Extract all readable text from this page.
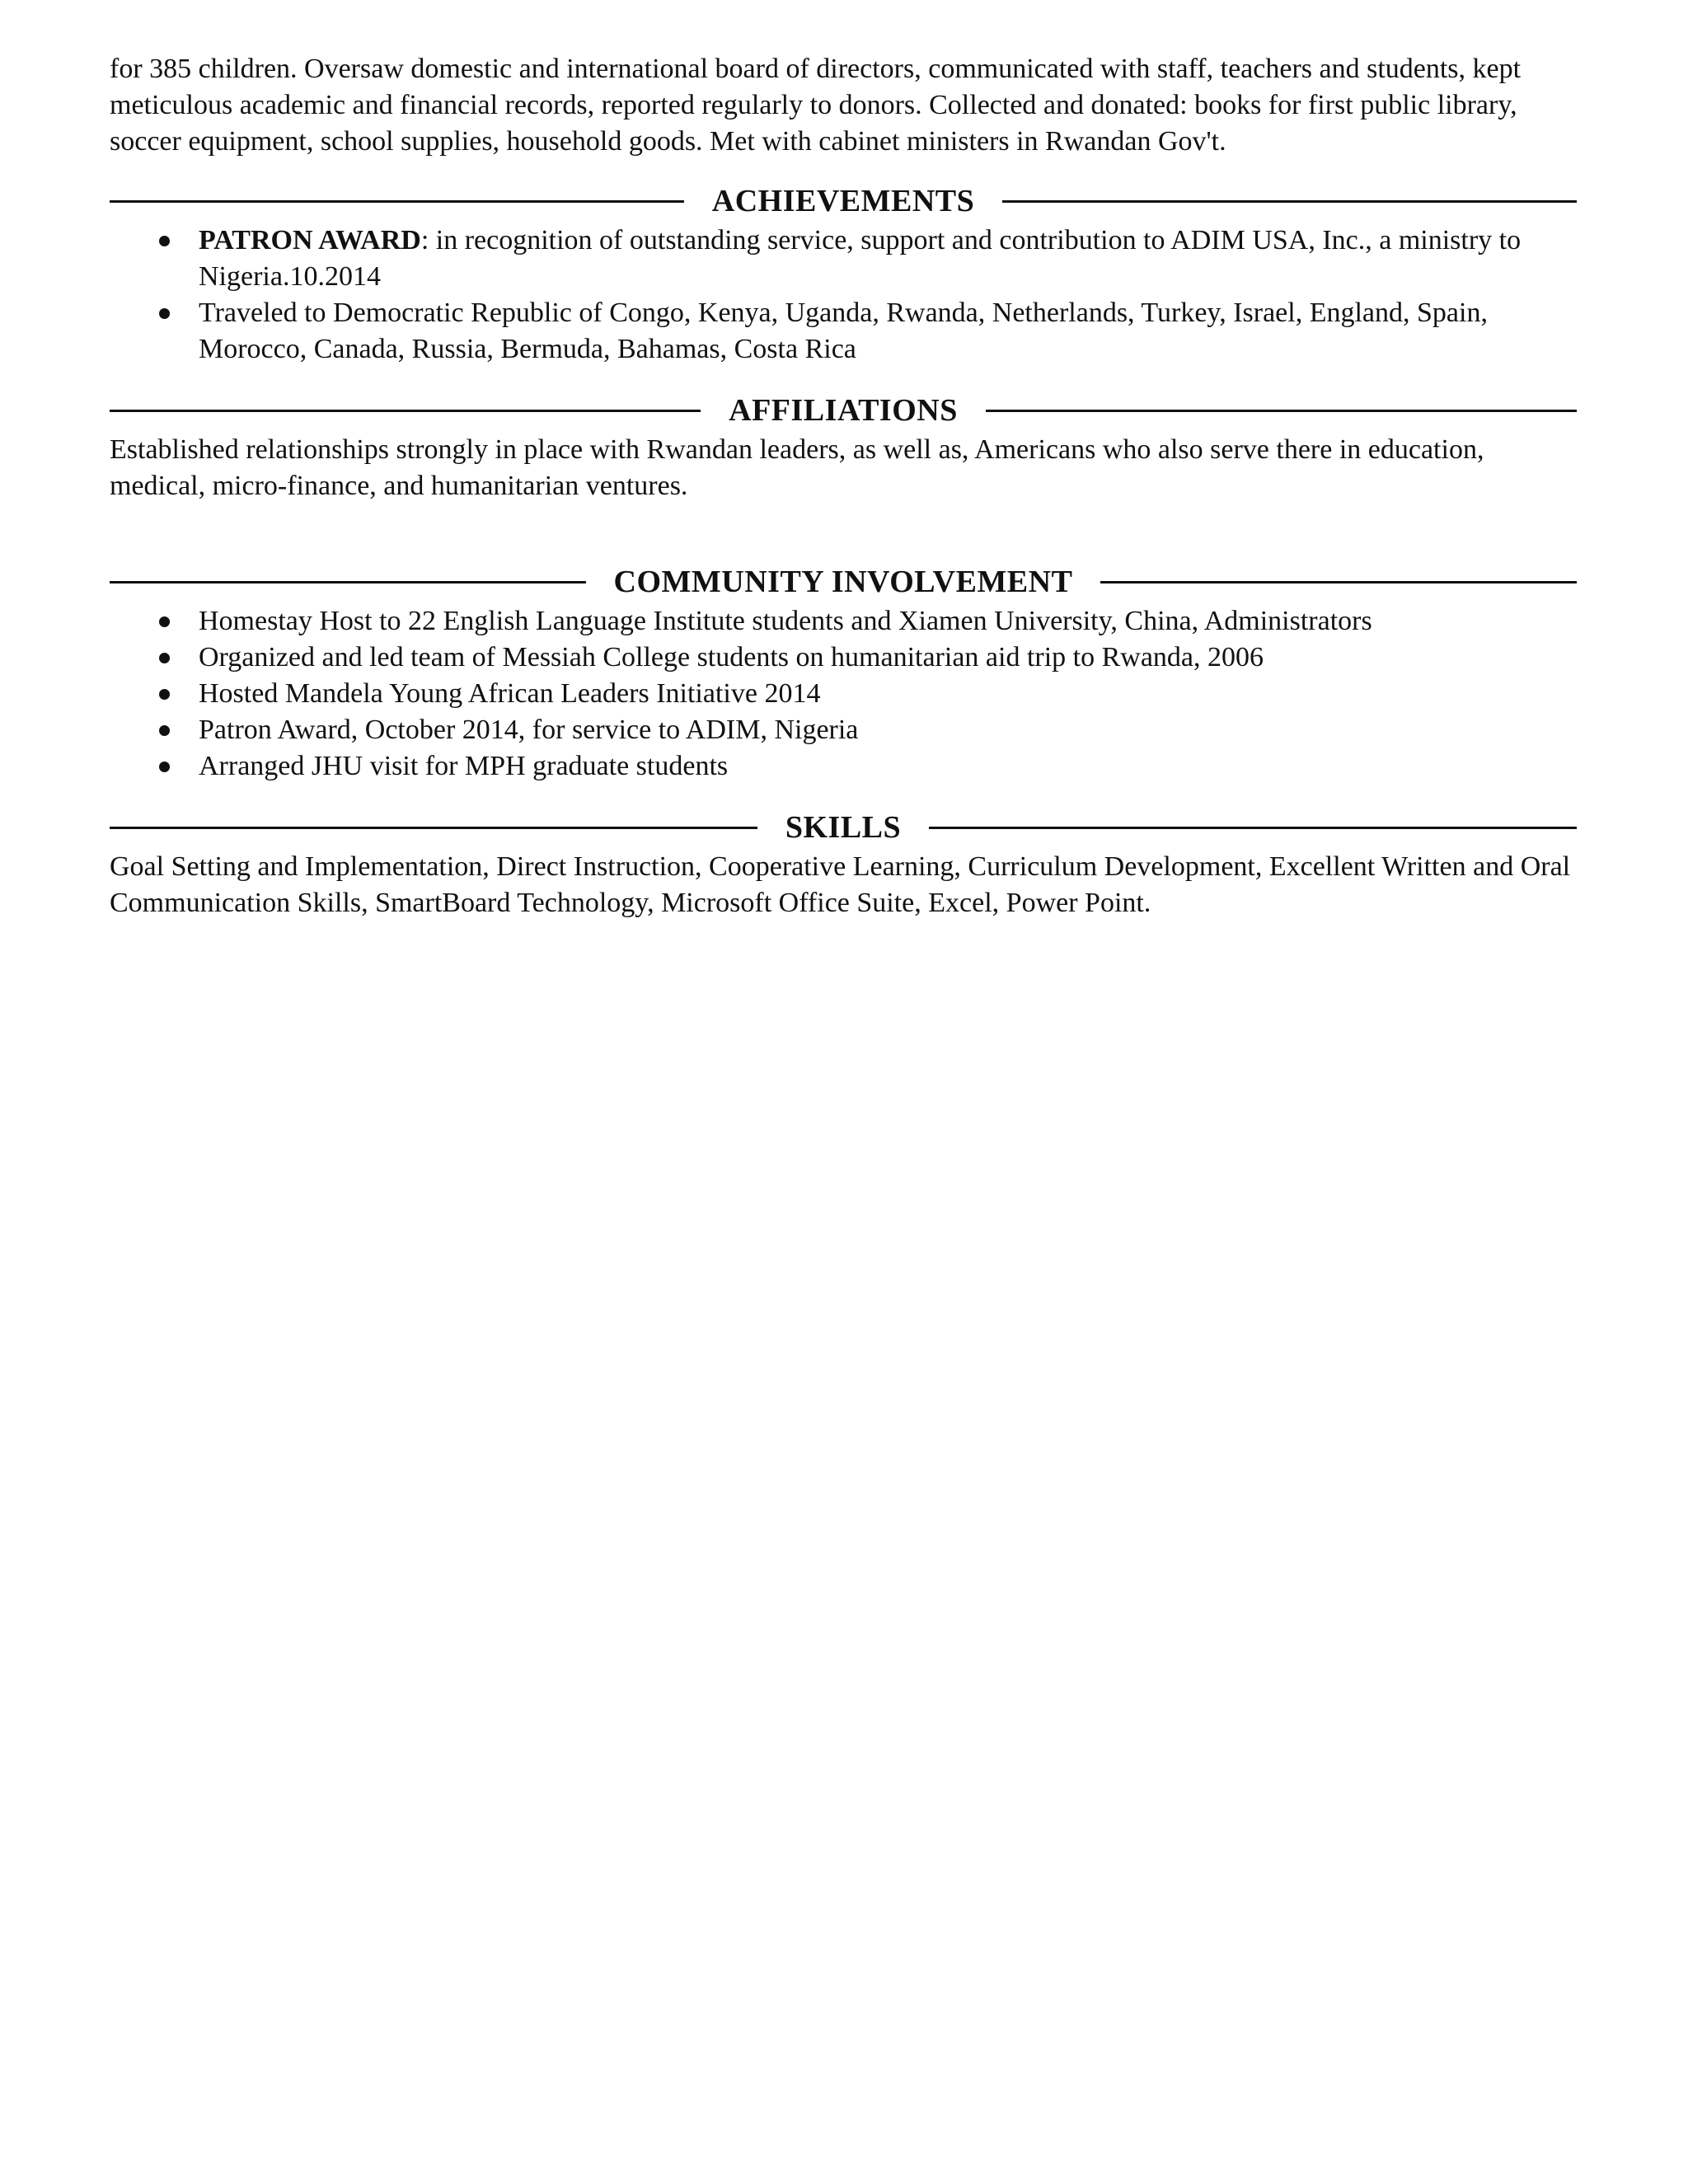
for 385 children. Oversaw domestic and international board of directors, communicated with staff, teachers and students, kept meticulous academic and financial records, reported regularly to donors. Collected and donated: books for first public library, soccer equipment, school supplies, household goods. Met with cabinet ministers in Rwandan Gov't.

ACHIEVEMENTS
PATRON AWARD: in recognition of outstanding service, support and contribution to ADIM USA, Inc., a ministry to Nigeria.10.2014
Traveled to Democratic Republic of Congo, Kenya, Uganda, Rwanda, Netherlands, Turkey, Israel, England, Spain, Morocco, Canada, Russia, Bermuda, Bahamas, Costa Rica
AFFILIATIONS

Established relationships strongly in place with Rwandan leaders, as well as, Americans who also serve there in education, medical, micro-finance, and humanitarian ventures.

COMMUNITY INVOLVEMENT
Homestay Host to 22 English Language Institute students and Xiamen University, China, Administrators
Organized and led team of Messiah College students on humanitarian aid trip to Rwanda, 2006
Hosted Mandela Young African Leaders Initiative 2014
Patron Award, October 2014, for service to ADIM, Nigeria
Arranged JHU visit for MPH graduate students
SKILLS

Goal Setting and Implementation, Direct Instruction, Cooperative Learning, Curriculum Development, Excellent Written and Oral Communication Skills, SmartBoard Technology, Microsoft Office Suite, Excel, Power Point.
